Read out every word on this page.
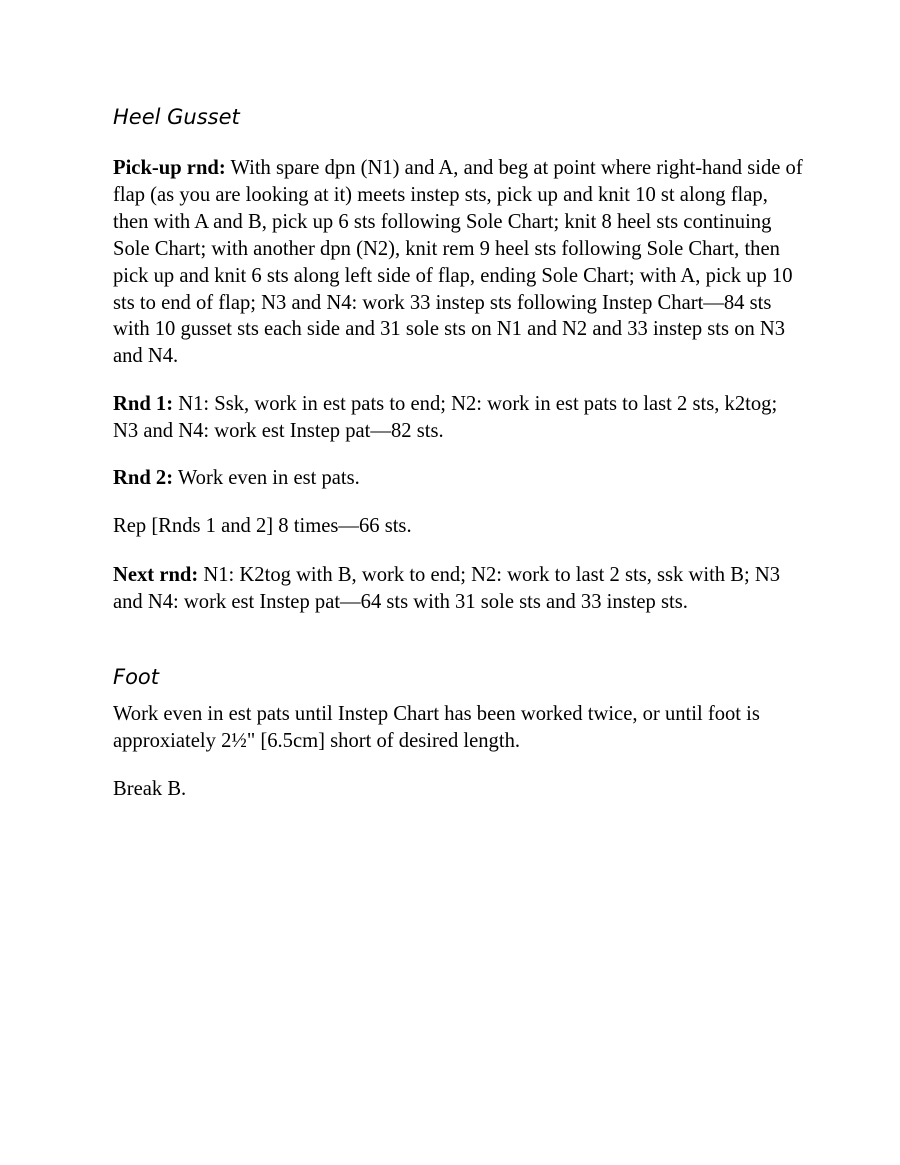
Heel Gusset

Pick-up rnd: With spare dpn (N1) and A, and beg at point where right-hand side of flap (as you are looking at it) meets instep sts, pick up and knit 10 st along flap, then with A and B, pick up 6 sts following Sole Chart; knit 8 heel sts continuing Sole Chart; with another dpn (N2), knit rem 9 heel sts following Sole Chart, then pick up and knit 6 sts along left side of flap, ending Sole Chart; with A, pick up 10 sts to end of flap; N3 and N4: work 33 instep sts following Instep Chart—84 sts with 10 gusset sts each side and 31 sole sts on N1 and N2 and 33 instep sts on N3 and N4.

Rnd 1: N1: Ssk, work in est pats to end; N2: work in est pats to last 2 sts, k2tog; N3 and N4: work est Instep pat—82 sts.

Rnd 2: Work even in est pats.

Rep [Rnds 1 and 2] 8 times—66 sts.

Next rnd: N1: K2tog with B, work to end; N2: work to last 2 sts, ssk with B; N3 and N4: work est Instep pat—64 sts with 31 sole sts and 33 instep sts.

Foot

Work even in est pats until Instep Chart has been worked twice, or until foot is approxiately 2½" [6.5cm] short of desired length.

Break B.
